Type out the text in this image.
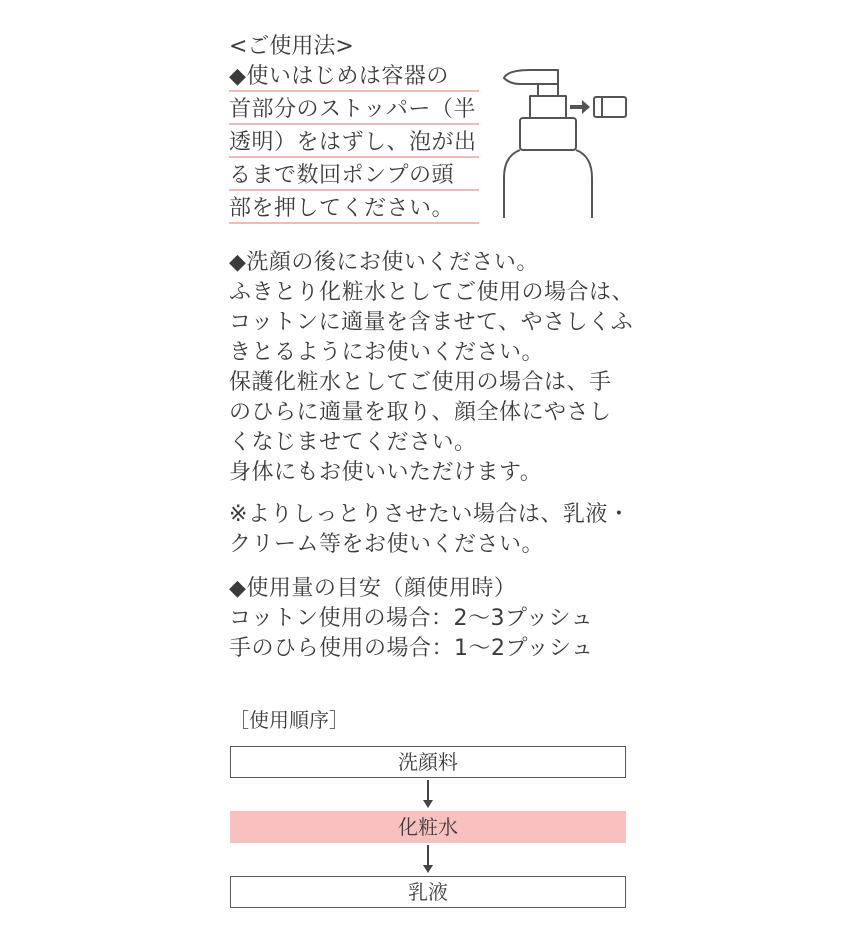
<ご使用法>
◆使いはじめは容器の
首部分のストッパー（半
透明）をはずし、泡が出
るまで数回ポンプの頭
部を押してください。
◆洗顔の後にお使いください。
ふきとり化粧水としてご使用の場合は、
コットンに適量を含ませて、やさしくふ
きとるようにお使いください。
保護化粧水としてご使用の場合は、手
のひらに適量を取り、顔全体にやさし
くなじませてください。
身体にもお使いいただけます。
※よりしっとりさせたい場合は、乳液・
クリーム等をお使いください。
◆使用量の目安（顔使用時）
コットン使用の場合：2～3プッシュ
手のひら使用の場合：1～2プッシュ
［使用順序］
洗顔料
化粧水
乳液
